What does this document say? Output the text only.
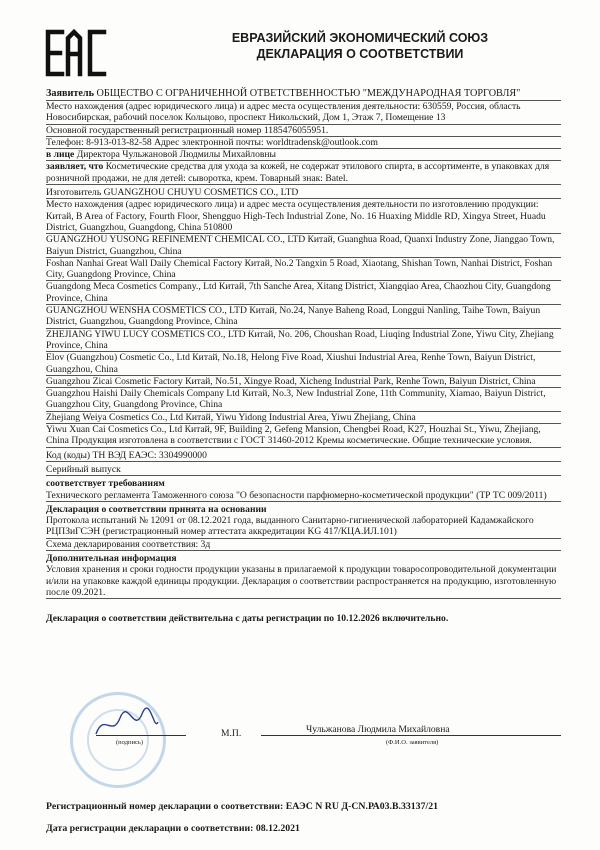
ЕВРАЗИЙСКИЙ ЭКОНОМИЧЕСКИЙ СОЮЗ
ДЕКЛАРАЦИЯ О СООТВЕТСТВИИ

Заявитель ОБЩЕСТВО С ОГРАНИЧЕННОЙ ОТВЕТСТВЕННОСТЬЮ "МЕЖДУНАРОДНАЯ ТОРГОВЛЯ"

Место нахождения (адрес юридического лица) и адрес места осуществления деятельности: 630559, Россия, область Новосибирская, рабочий поселок Кольцово, проспект Никольский, Дом 1, Этаж 7, Помещение 13

Основной государственный регистрационный номер 1185476055951.

Телефон: 8-913-013-82-58 Адрес электронной почты: worldtradensk@outlook.com

в лице Директора Чульжановой Людмилы Михайловны

заявляет, что Косметические средства для ухода за кожей, не содержат этилового спирта, в ассортименте, в упаковках для розничной продажи, не для детей: сыворотка, крем. Товарный знак: Batel.

Изготовитель GUANGZHOU CHUYU COSMETICS CO., LTD

Место нахождения (адрес юридического лица) и адрес места осуществления деятельности по изготовлению продукции: Китай, B Area of Factory, Fourth Floor, Shengguo High-Tech Industrial Zone, No. 16 Huaxing Middle RD, Xingya Street, Huadu District, Guangzhou, Guangdong, China 510800

GUANGZHOU YUSONG REFINEMENT CHEMICAL CO., LTD Китай, Guanghua Road, Quanxi Industry Zone, Jianggao Town, Baiyun District, Guangzhou, China

Foshan Nanhai Great Wall Daily Chemical Factory Китай, No.2 Tangxin 5 Road, Xiaotang, Shishan Town, Nanhai District, Foshan City, Guangdong Province, China

Guangdong Meca Cosmetics Company., Ltd Китай, 7th Sanche Area, Xitang District, Xiangqiao Area, Chaozhou City, Guangdong Province, China

GUANGZHOU WENSHA COSMETICS CO., LTD Китай, No.24, Nanye Baheng Road, Longgui Nanling, Taihe Town, Baiyun District, Guangzhou, Guangdong Province, China

ZHEJIANG YIWU LUCY COSMETICS CO., LTD Китай, No. 206, Choushan Road, Liuqing Industrial Zone, Yiwu City, Zhejiang Province, China

Elov (Guangzhou) Cosmetic Co., Ltd Китай, No.18, Helong Five Road, Xiushui Industrial Area, Renhe Town, Baiyun District, Guangzhou, China

Guangzhou Zicai Cosmetic Factory Китай, No.51, Xingye Road, Xicheng Industrial Park, Renhe Town, Baiyun District, China

Guangzhou Haishi Daily Chemicals Company Ltd Китай, No.3, New Industrial Zone, 11th Community, Xiamao, Baiyun District, Guangzhou City, Guangdong Province, China

Zhejiang Weiya Cosmetics Co., Ltd Китай, Yiwu Yidong Industrial Area, Yiwu Zhejiang, China

Yiwu Xuan Cai Cosmetics Co., Ltd Китай, 9F, Building 2, Gefeng Mansion, Chengbei Road, K27, Houzhai St., Yiwu, Zhejiang, China Продукция изготовлена в соответствии с ГОСТ 31460-2012 Кремы косметические. Общие технические условия.

Код (коды) ТН ВЭД ЕАЭС: 3304990000

Серийный выпуск

соответствует требованиям

Технического регламента Таможенного союза "О безопасности парфюмерно-косметической продукции" (ТР ТС 009/2011)

Декларация о соответствии принята на основании

Протокола испытаний № 12091 от 08.12.2021 года, выданного Санитарно-гигиенической лабораторией Кадамжайского РЦПЗиГСЭН (регистрационный номер аттестата аккредитации KG 417/КЦА.ИЛ.101)

Схема декларирования соответствия: 3д

Дополнительная информация

Условия хранения и сроки годности продукции указаны в прилагаемой к продукции товаросопроводительной документации и/или на упаковке каждой единицы продукции. Декларация о соответствии распространяется на продукцию, изготовленную после 09.2021.

Декларация о соответствии действительна с даты регистрации по 10.12.2026 включительно.

(подпись)
М.П.	Чульжанова Людмила Михайловна
(Ф.И.О. заявителя)
Регистрационный номер декларации о соответствии: ЕАЭС N RU Д-CN.РА03.В.33137/21
Дата регистрации декларации о соответствии: 08.12.2021
